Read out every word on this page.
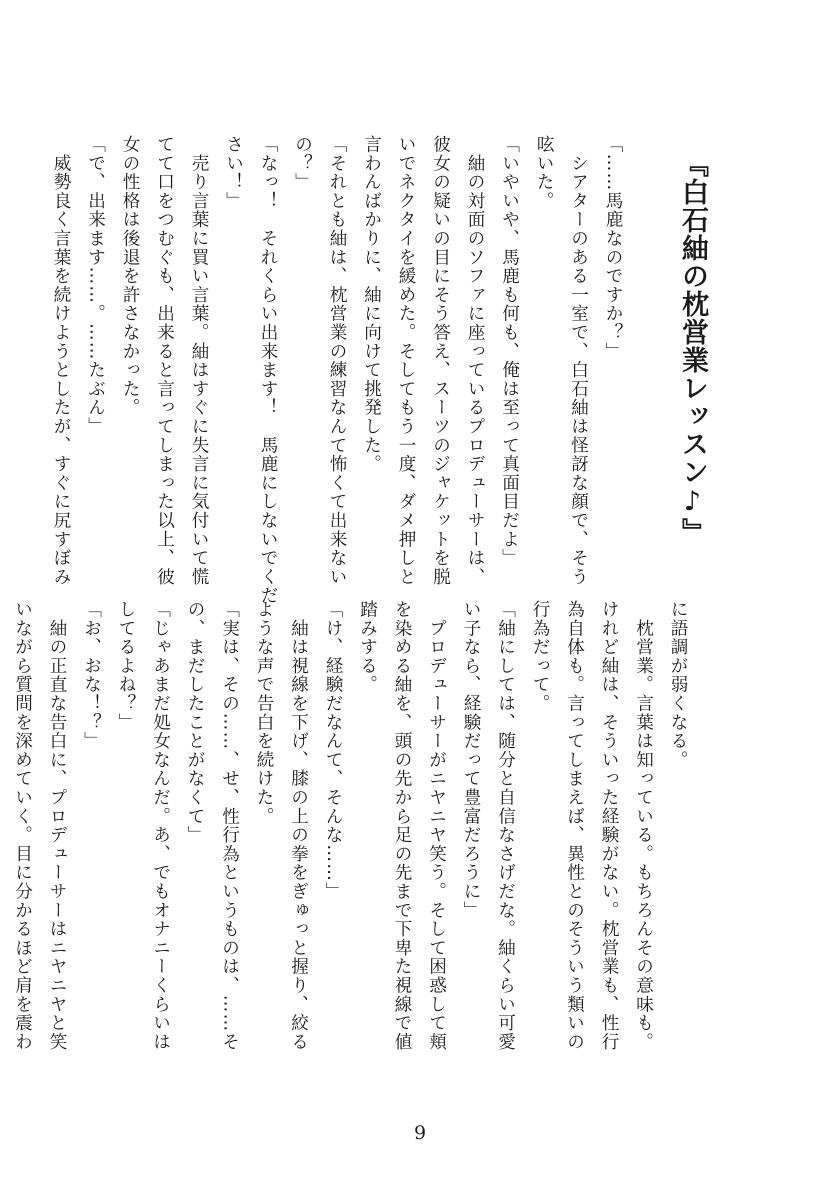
『白石紬の枕営業レッスン♪』
「……馬鹿なのですか？」
　シアターのある一室で、白石紬は怪訝な顔で、そう
呟いた。
「いやいや、馬鹿も何も、俺は至って真面目だよ」
　紬の対面のソファに座っているプロデューサーは、
彼女の疑いの目にそう答え、スーツのジャケットを脱
いでネクタイを緩めた。そしてもう一度、ダメ押しと
言わんばかりに、紬に向けて挑発した。
「それとも紬は、枕営業の練習なんて怖くて出来ない
の？」
「なっ！　それくらい出来ます！　馬鹿にしないでくだ
さい！」
　売り言葉に買い言葉。紬はすぐに失言に気付いて慌
てて口をつむぐも、出来ると言ってしまった以上、彼
女の性格は後退を許さなかった。
「で、出来ます……。……たぶん」
　威勢良く言葉を続けようとしたが、すぐに尻すぼみ
に語調が弱くなる。
　枕営業。言葉は知っている。もちろんその意味も。
けれど紬は、そういった経験がない。枕営業も、性行
為自体も。言ってしまえば、異性とのそういう類いの
行為だって。
「紬にしては、随分と自信なさげだな。紬くらい可愛
い子なら、経験だって豊富だろうに」
　プロデューサーがニヤニヤ笑う。そして困惑して頬
を染める紬を、頭の先から足の先まで下卑た視線で値
踏みする。
「け、経験だなんて、そんな……」
　紬は視線を下げ、膝の上の拳をぎゅっと握り、絞る
ような声で告白を続けた。
「実は、その……、せ、性行為というものは、……そ
の、まだしたことがなくて」
「じゃあまだ処女なんだ。あ、でもオナニーくらいは
してるよね？」
「お、おな！？」
　紬の正直な告白に、プロデューサーはニヤニヤと笑
いながら質問を深めていく。目に分かるほど肩を震わ
9
